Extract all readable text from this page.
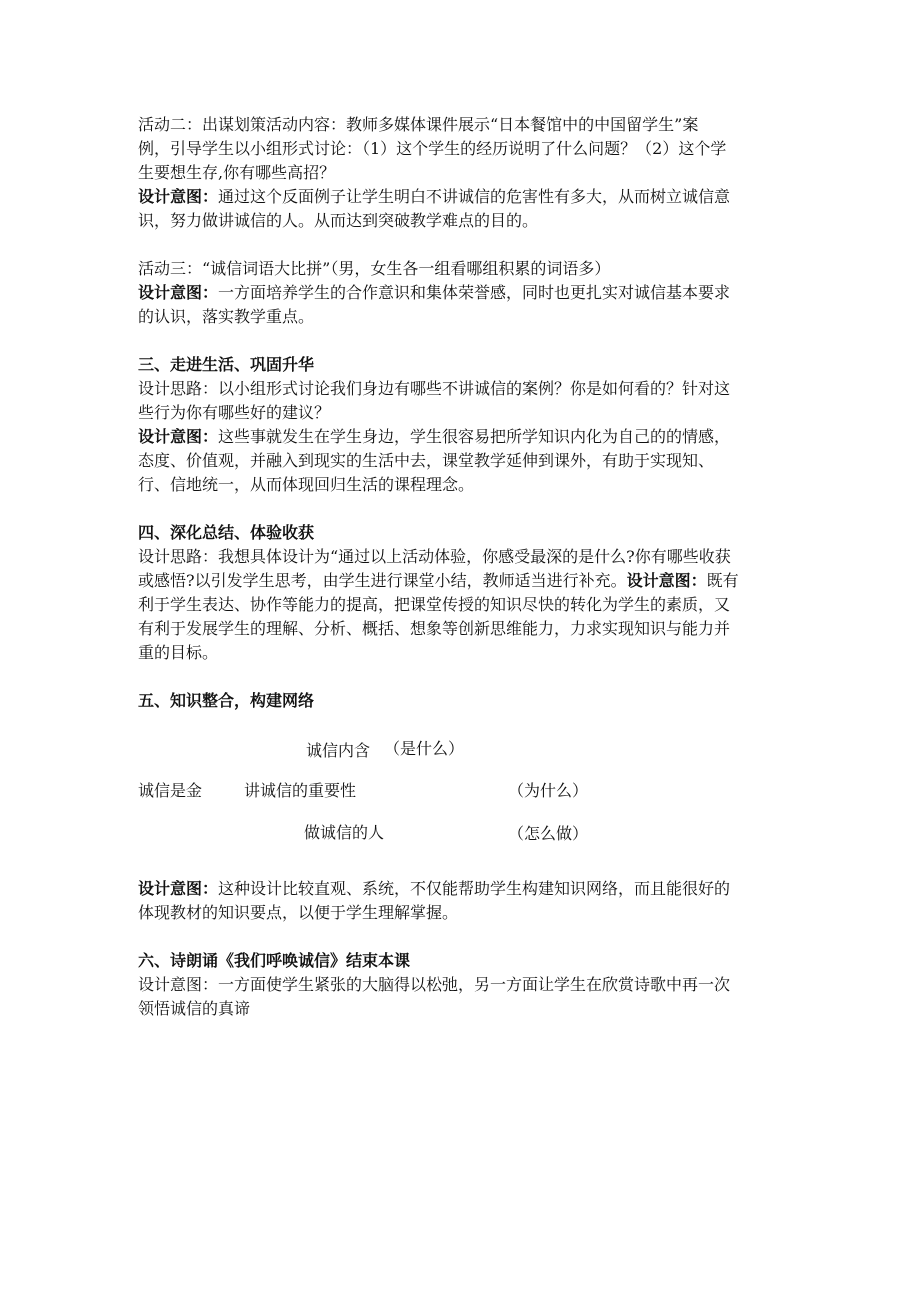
活动二：出谋划策活动内容：教师多媒体课件展示“日本餐馆中的中国留学生”案
例，引导学生以小组形式讨论：（1）这个学生的经历说明了什么问题？（2）这个学
生要想生存,你有哪些高招？
设计意图：通过这个反面例子让学生明白不讲诚信的危害性有多大，从而树立诚信意
识，努力做讲诚信的人。从而达到突破教学难点的目的。

活动三：“诚信词语大比拼”（男，女生各一组看哪组积累的词语多）
设计意图：一方面培养学生的合作意识和集体荣誉感，同时也更扎实对诚信基本要求
的认识，落实教学重点。

三、走进生活、巩固升华
设计思路：以小组形式讨论我们身边有哪些不讲诚信的案例？你是如何看的？针对这
些行为你有哪些好的建议？
设计意图：这些事就发生在学生身边，学生很容易把所学知识内化为自己的的情感，
态度、价值观，并融入到现实的生活中去，课堂教学延伸到课外，有助于实现知、
行、信地统一，从而体现回归生活的课程理念。

四、深化总结、体验收获
设计思路：我想具体设计为“通过以上活动体验，你感受最深的是什么?你有哪些收获
或感悟?以引发学生思考，由学生进行课堂小结，教师适当进行补充。设计意图：既有
利于学生表达、协作等能力的提高，把课堂传授的知识尽快的转化为学生的素质，又
有利于发展学生的理解、分析、概括、想象等创新思维能力，力求实现知识与能力并
重的目标。

五、知识整合，构建网络

诚信内含 （是什么）
诚信是金	讲诚信的重要性	（为什么）
做诚信的人	（怎么做）

设计意图：这种设计比较直观、系统，不仅能帮助学生构建知识网络，而且能很好的
体现教材的知识要点，以便于学生理解掌握。

六、诗朗诵《我们呼唤诚信》结束本课
设计意图：一方面使学生紧张的大脑得以松弛，另一方面让学生在欣赏诗歌中再一次
领悟诚信的真谛
